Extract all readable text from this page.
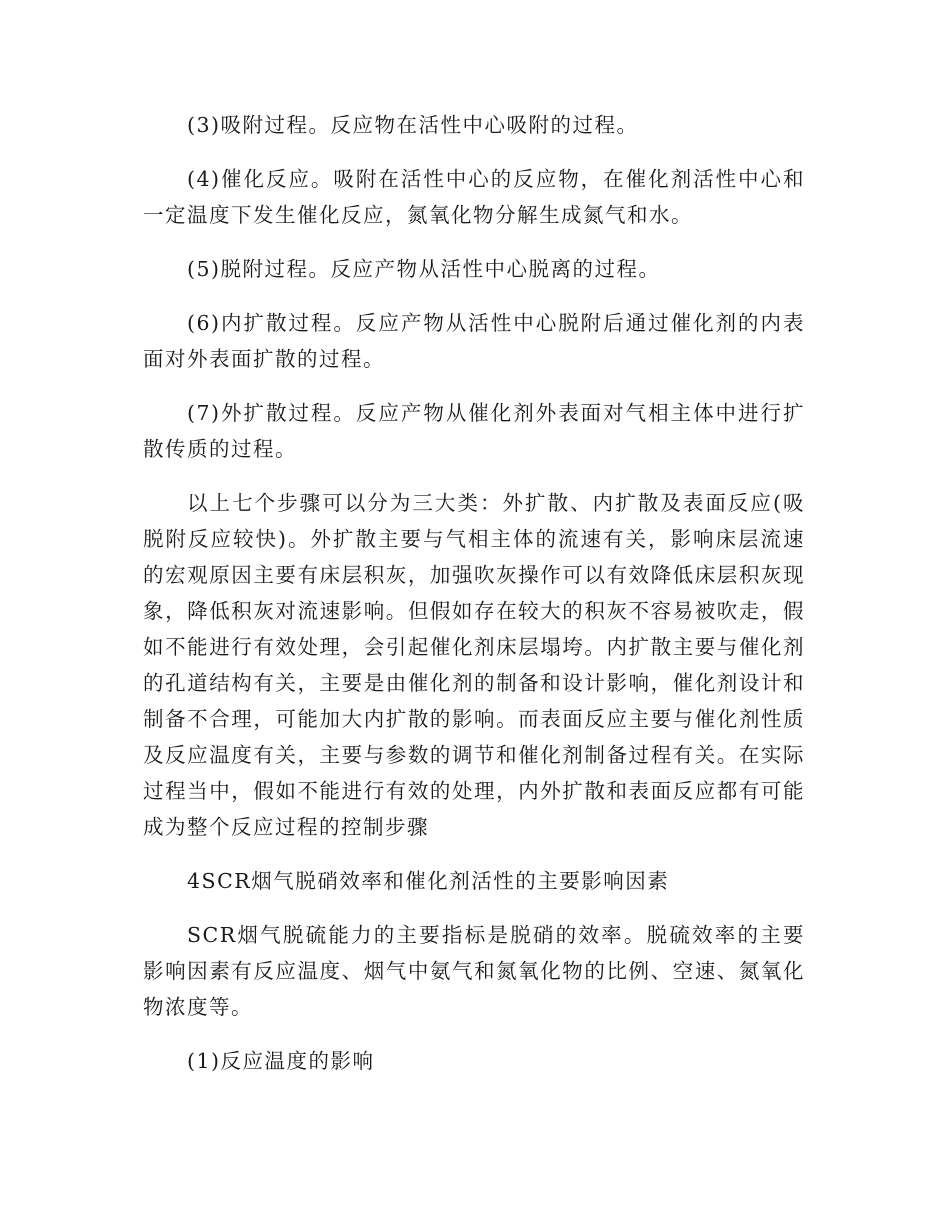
(3)吸附过程。反应物在活性中心吸附的过程。

(4)催化反应。吸附在活性中心的反应物，在催化剂活性中心和一定温度下发生催化反应，氮氧化物分解生成氮气和水。

(5)脱附过程。反应产物从活性中心脱离的过程。

(6)内扩散过程。反应产物从活性中心脱附后通过催化剂的内表面对外表面扩散的过程。

(7)外扩散过程。反应产物从催化剂外表面对气相主体中进行扩散传质的过程。

以上七个步骤可以分为三大类：外扩散、内扩散及表面反应(吸脱附反应较快)。外扩散主要与气相主体的流速有关，影响床层流速的宏观原因主要有床层积灰，加强吹灰操作可以有效降低床层积灰现象，降低积灰对流速影响。但假如存在较大的积灰不容易被吹走，假如不能进行有效处理，会引起催化剂床层塌垮。内扩散主要与催化剂的孔道结构有关，主要是由催化剂的制备和设计影响，催化剂设计和制备不合理，可能加大内扩散的影响。而表面反应主要与催化剂性质及反应温度有关，主要与参数的调节和催化剂制备过程有关。在实际过程当中，假如不能进行有效的处理，内外扩散和表面反应都有可能成为整个反应过程的控制步骤

4SCR烟气脱硝效率和催化剂活性的主要影响因素

SCR烟气脱硫能力的主要指标是脱硝的效率。脱硫效率的主要影响因素有反应温度、烟气中氨气和氮氧化物的比例、空速、氮氧化物浓度等。

(1)反应温度的影响
